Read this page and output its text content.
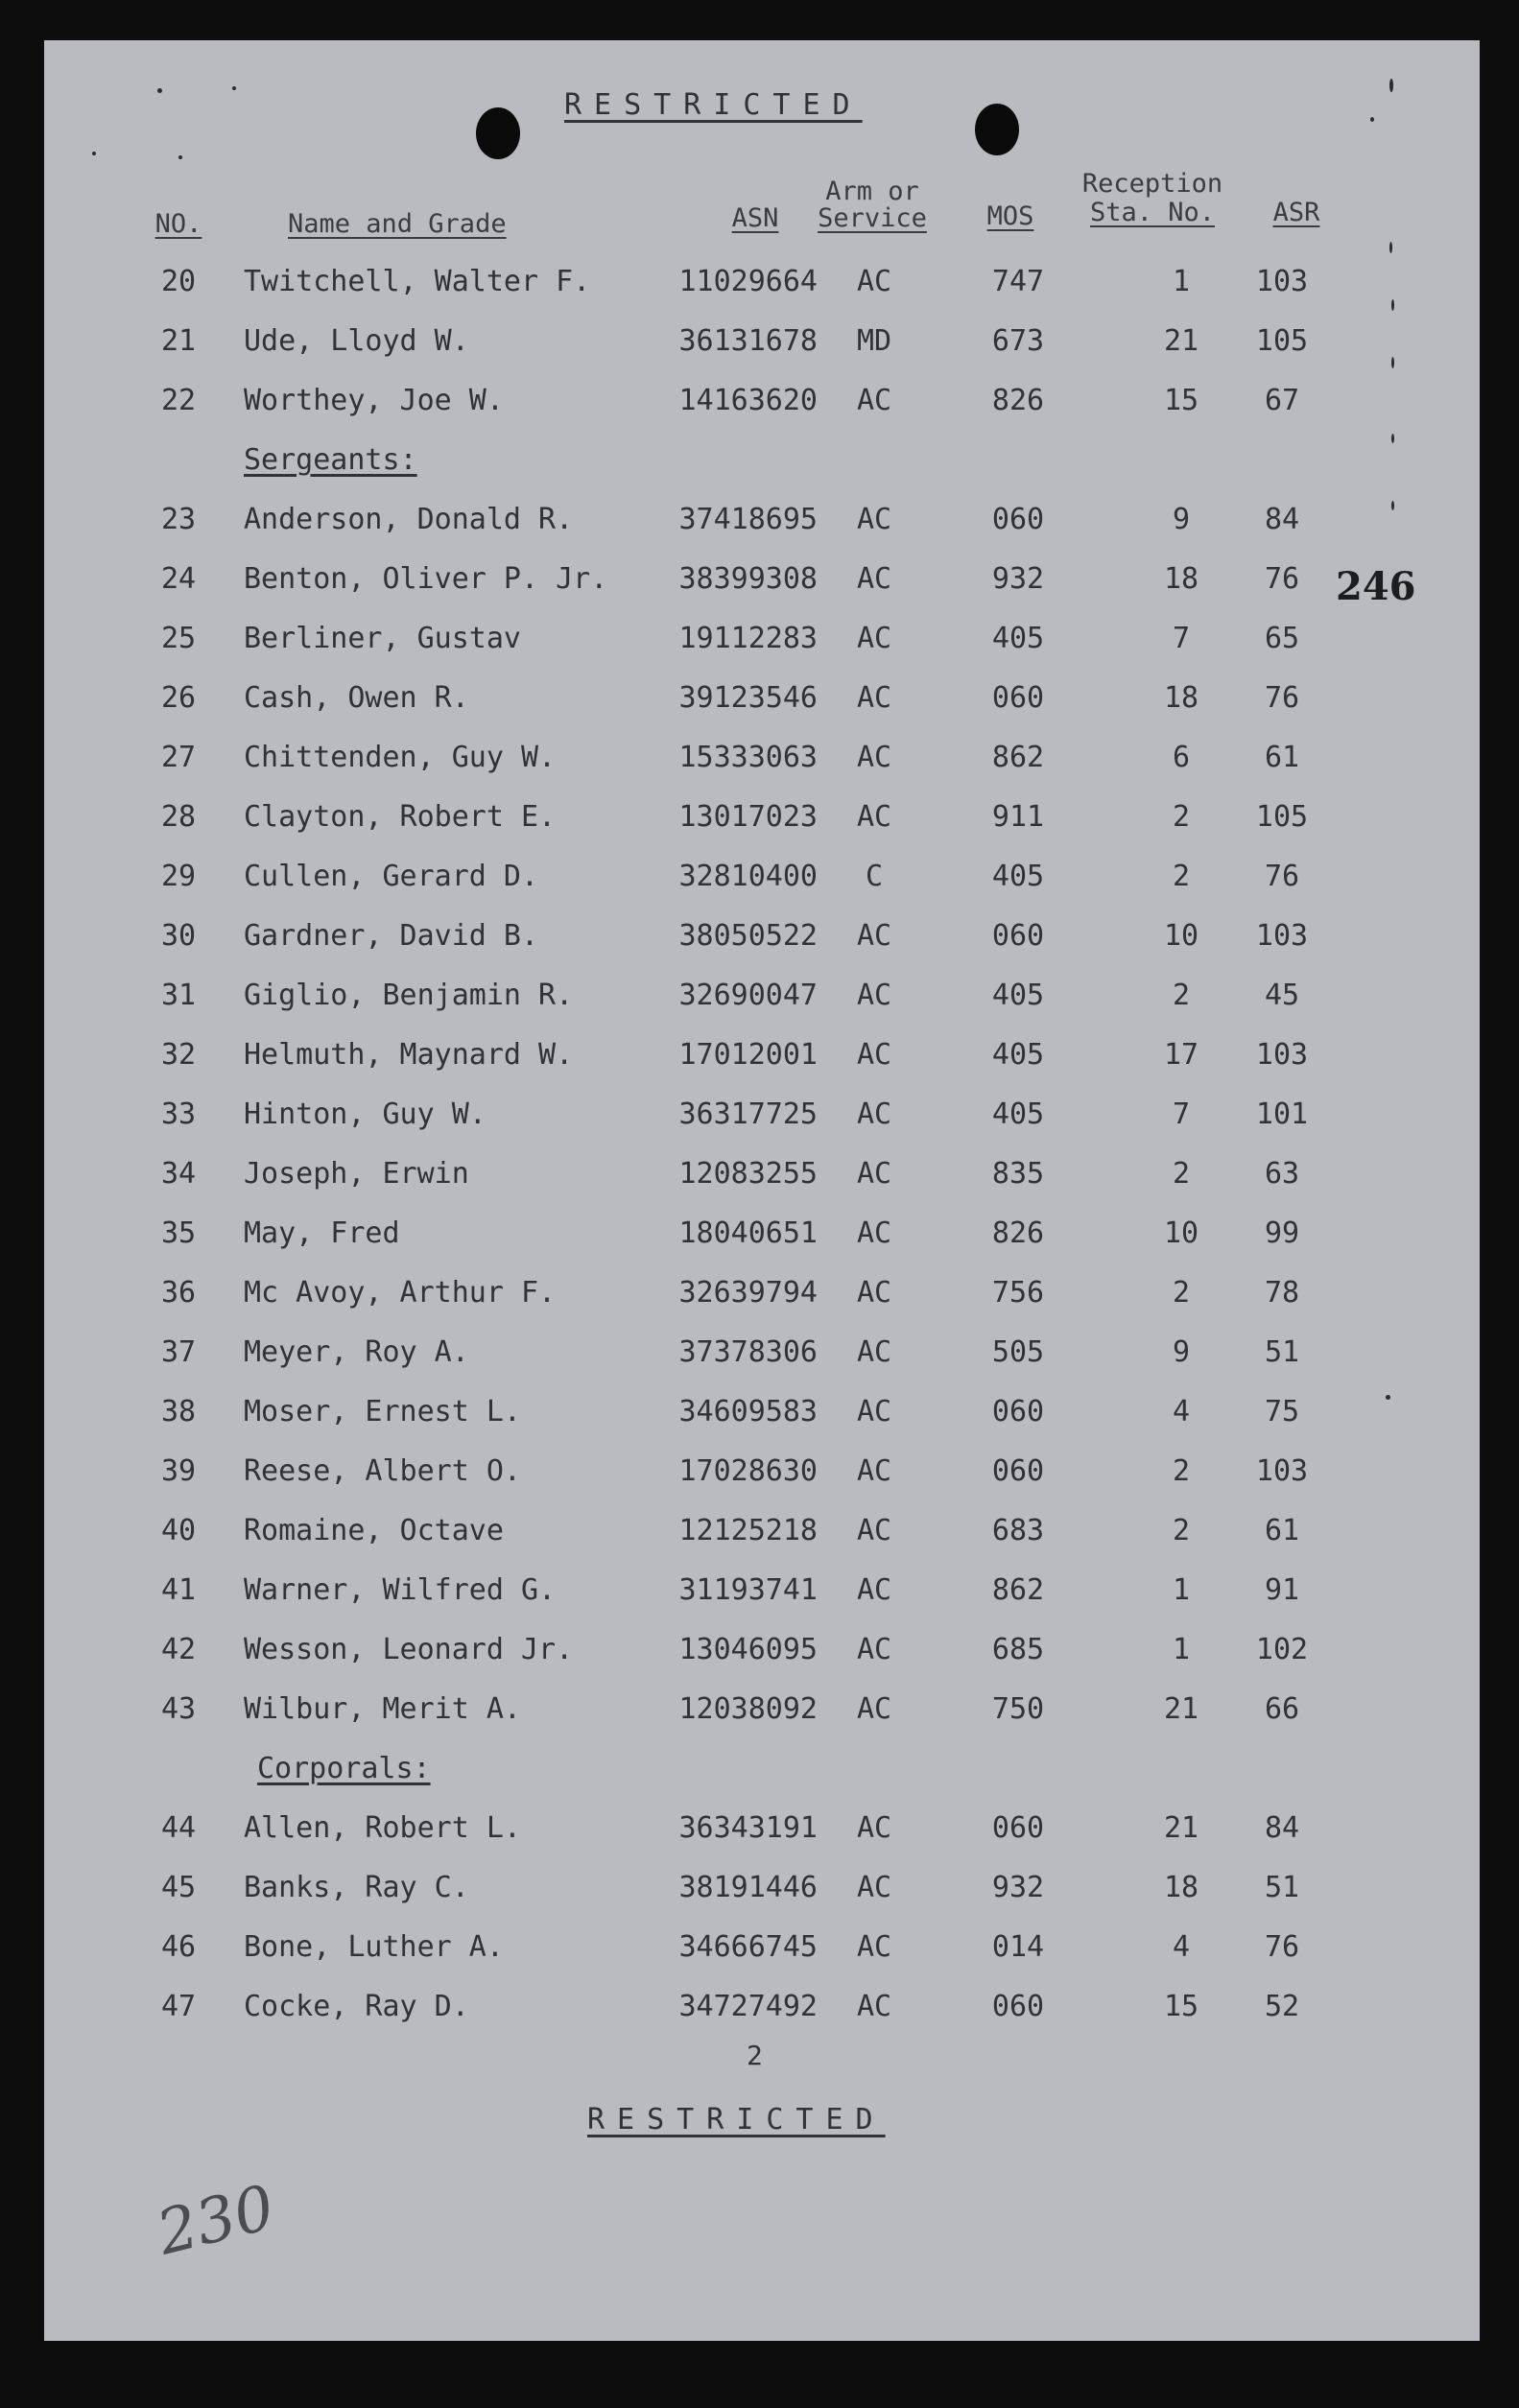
RESTRICTED
NO.	Name and Grade	ASN
Arm or
Service	MOS
Reception
Sta. No.	ASR
20	Twitchell, Walter F.	11029664	AC	747	1	103
21	Ude, Lloyd W.	36131678	MD	673	21	105
22	Worthey, Joe W.	14163620	AC	826	15	67
Sergeants:
23	Anderson, Donald R.	37418695	AC	060	9	84
24	Benton, Oliver P. Jr.	38399308	AC	932	18	76
25	Berliner, Gustav	19112283	AC	405	7	65
26	Cash, Owen R.	39123546	AC	060	18	76
27	Chittenden, Guy W.	15333063	AC	862	6	61
28	Clayton, Robert E.	13017023	AC	911	2	105
29	Cullen, Gerard D.	32810400	C	405	2	76
30	Gardner, David B.	38050522	AC	060	10	103
31	Giglio, Benjamin R.	32690047	AC	405	2	45
32	Helmuth, Maynard W.	17012001	AC	405	17	103
33	Hinton, Guy W.	36317725	AC	405	7	101
34	Joseph, Erwin	12083255	AC	835	2	63
35	May, Fred	18040651	AC	826	10	99
36	Mc Avoy, Arthur F.	32639794	AC	756	2	78
37	Meyer, Roy A.	37378306	AC	505	9	51
38	Moser, Ernest L.	34609583	AC	060	4	75
39	Reese, Albert O.	17028630	AC	060	2	103
40	Romaine, Octave	12125218	AC	683	2	61
41	Warner, Wilfred G.	31193741	AC	862	1	91
42	Wesson, Leonard Jr.	13046095	AC	685	1	102
43	Wilbur, Merit A.	12038092	AC	750	21	66
Corporals:
44	Allen, Robert L.	36343191	AC	060	21	84
45	Banks, Ray C.	38191446	AC	932	18	51
46	Bone, Luther A.	34666745	AC	014	4	76
47	Cocke, Ray D.	34727492	AC	060	15	52
246
2
RESTRICTED
230
